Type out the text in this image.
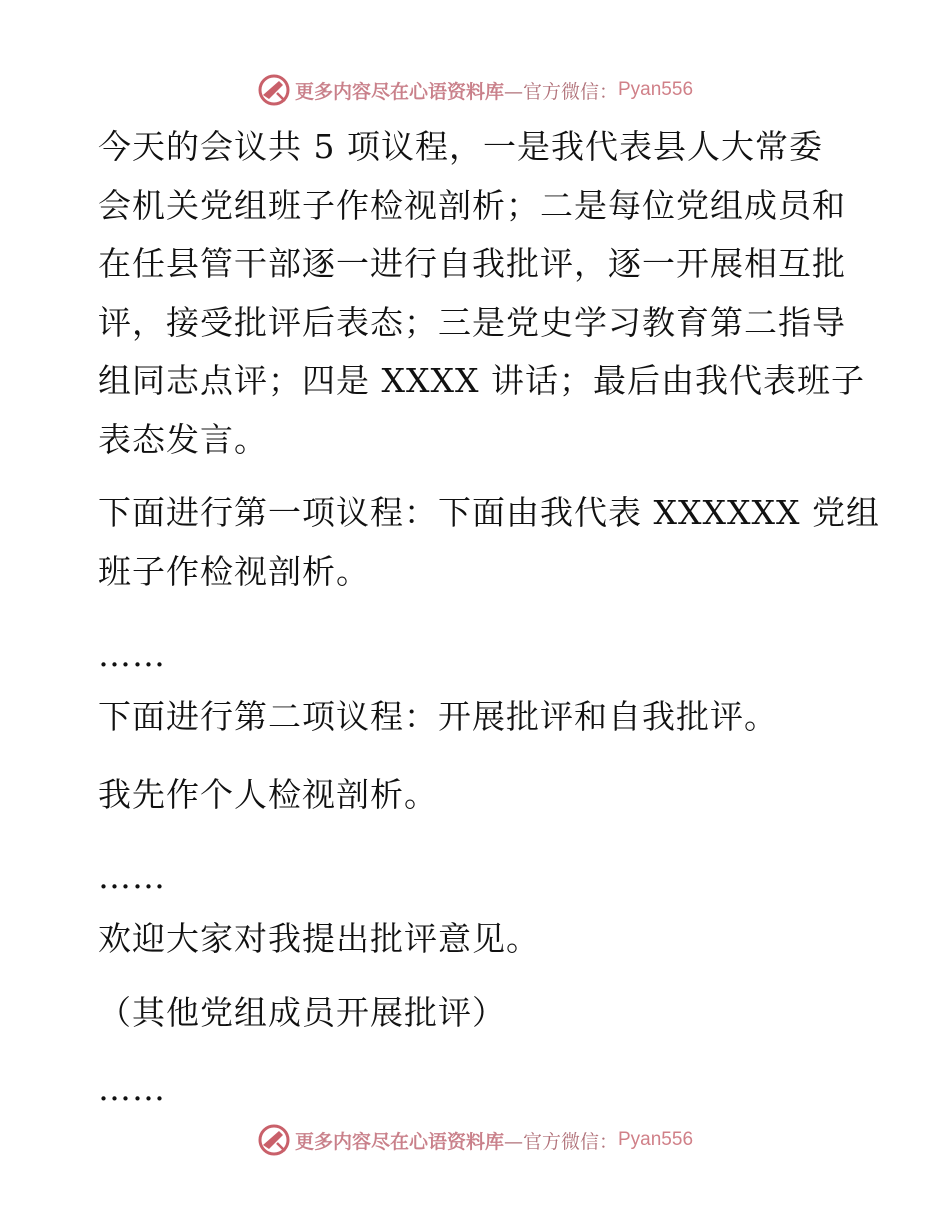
更多内容尽在心语资料库 —官方微信： Pyan556

今天的会议共 5 项议程，一是我代表县人大常委

会机关党组班子作检视剖析；二是每位党组成员和

在任县管干部逐一进行自我批评，逐一开展相互批

评，接受批评后表态；三是党史学习教育第二指导

组同志点评；四是 XXXX 讲话；最后由我代表班子

表态发言。

下面进行第一项议程：下面由我代表 XXXXXX 党组

班子作检视剖析。

……

下面进行第二项议程：开展批评和自我批评。

我先作个人检视剖析。

……

欢迎大家对我提出批评意见。

（其他党组成员开展批评）

……

更多内容尽在心语资料库 —官方微信： Pyan556
